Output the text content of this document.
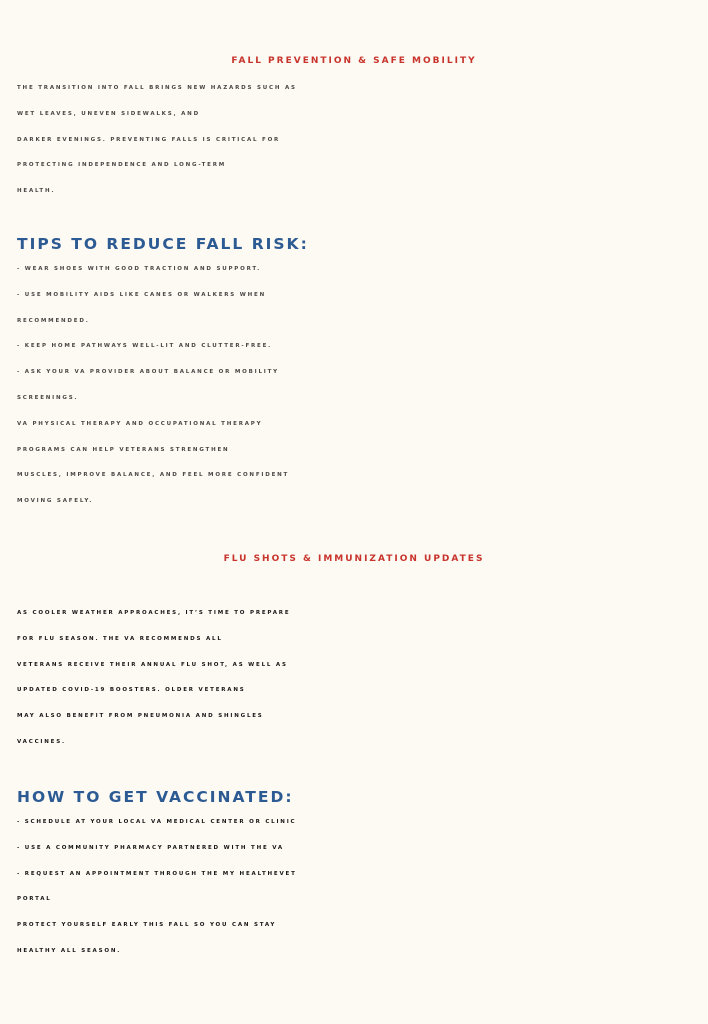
FALL PREVENTION & SAFE MOBILITY
THE TRANSITION INTO FALL BRINGS NEW HAZARDS SUCH AS
WET LEAVES, UNEVEN SIDEWALKS, AND
DARKER EVENINGS. PREVENTING FALLS IS CRITICAL FOR
PROTECTING INDEPENDENCE AND LONG-TERM
HEALTH.
TIPS TO REDUCE FALL RISK:
- WEAR SHOES WITH GOOD TRACTION AND SUPPORT.
- USE MOBILITY AIDS LIKE CANES OR WALKERS WHEN
RECOMMENDED.
- KEEP HOME PATHWAYS WELL-LIT AND CLUTTER-FREE.
- ASK YOUR VA PROVIDER ABOUT BALANCE OR MOBILITY
SCREENINGS.
VA PHYSICAL THERAPY AND OCCUPATIONAL THERAPY
PROGRAMS CAN HELP VETERANS STRENGTHEN
MUSCLES, IMPROVE BALANCE, AND FEEL MORE CONFIDENT
MOVING SAFELY.
FLU SHOTS & IMMUNIZATION UPDATES
AS COOLER WEATHER APPROACHES, IT’S TIME TO PREPARE
FOR FLU SEASON. THE VA RECOMMENDS ALL
VETERANS RECEIVE THEIR ANNUAL FLU SHOT, AS WELL AS
UPDATED COVID-19 BOOSTERS. OLDER VETERANS
MAY ALSO BENEFIT FROM PNEUMONIA AND SHINGLES
VACCINES.
HOW TO GET VACCINATED:
- SCHEDULE AT YOUR LOCAL VA MEDICAL CENTER OR CLINIC
- USE A COMMUNITY PHARMACY PARTNERED WITH THE VA
- REQUEST AN APPOINTMENT THROUGH THE MY HEALTHEVET
PORTAL
PROTECT YOURSELF EARLY THIS FALL SO YOU CAN STAY
HEALTHY ALL SEASON.
